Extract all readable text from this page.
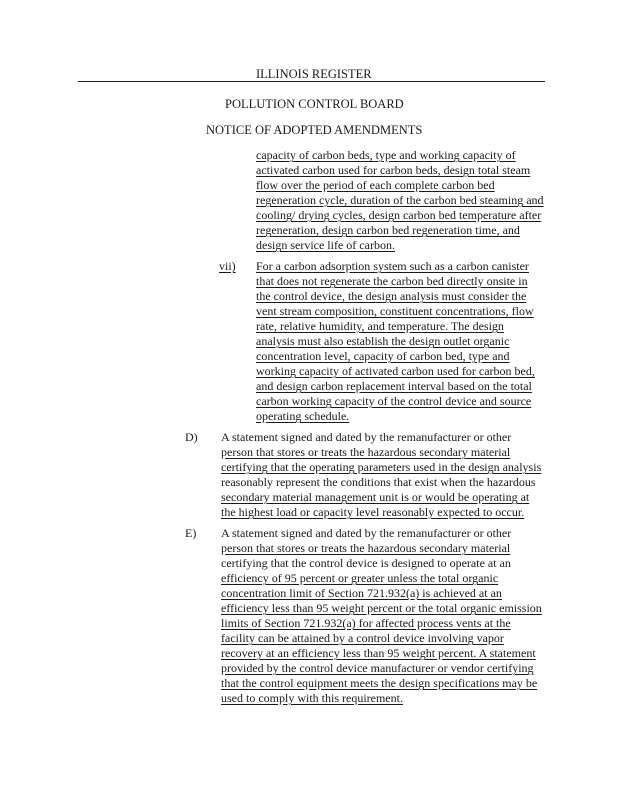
ILLINOIS REGISTER
POLLUTION CONTROL BOARD
NOTICE OF ADOPTED AMENDMENTS
capacity of carbon beds, type and working capacity of
activated carbon used for carbon beds, design total steam
flow over the period of each complete carbon bed
regeneration cycle, duration of the carbon bed steaming and
cooling/ drying cycles, design carbon bed temperature after
regeneration, design carbon bed regeneration time, and
design service life of carbon.
vii) For a carbon adsorption system such as a carbon canister
that does not regenerate the carbon bed directly onsite in
the control device, the design analysis must consider the
vent stream composition, constituent concentrations, flow
rate, relative humidity, and temperature. The design
analysis must also establish the design outlet organic
concentration level, capacity of carbon bed, type and
working capacity of activated carbon used for carbon bed,
and design carbon replacement interval based on the total
carbon working capacity of the control device and source
operating schedule.
D) A statement signed and dated by the remanufacturer or other
person that stores or treats the hazardous secondary material
certifying that the operating parameters used in the design analysis
reasonably represent the conditions that exist when the hazardous
secondary material management unit is or would be operating at
the highest load or capacity level reasonably expected to occur.
E) A statement signed and dated by the remanufacturer or other
person that stores or treats the hazardous secondary material
certifying that the control device is designed to operate at an
efficiency of 95 percent or greater unless the total organic
concentration limit of Section 721.932(a) is achieved at an
efficiency less than 95 weight percent or the total organic emission
limits of Section 721.932(a) for affected process vents at the
facility can be attained by a control device involving vapor
recovery at an efficiency less than 95 weight percent. A statement
provided by the control device manufacturer or vendor certifying
that the control equipment meets the design specifications may be
used to comply with this requirement.
